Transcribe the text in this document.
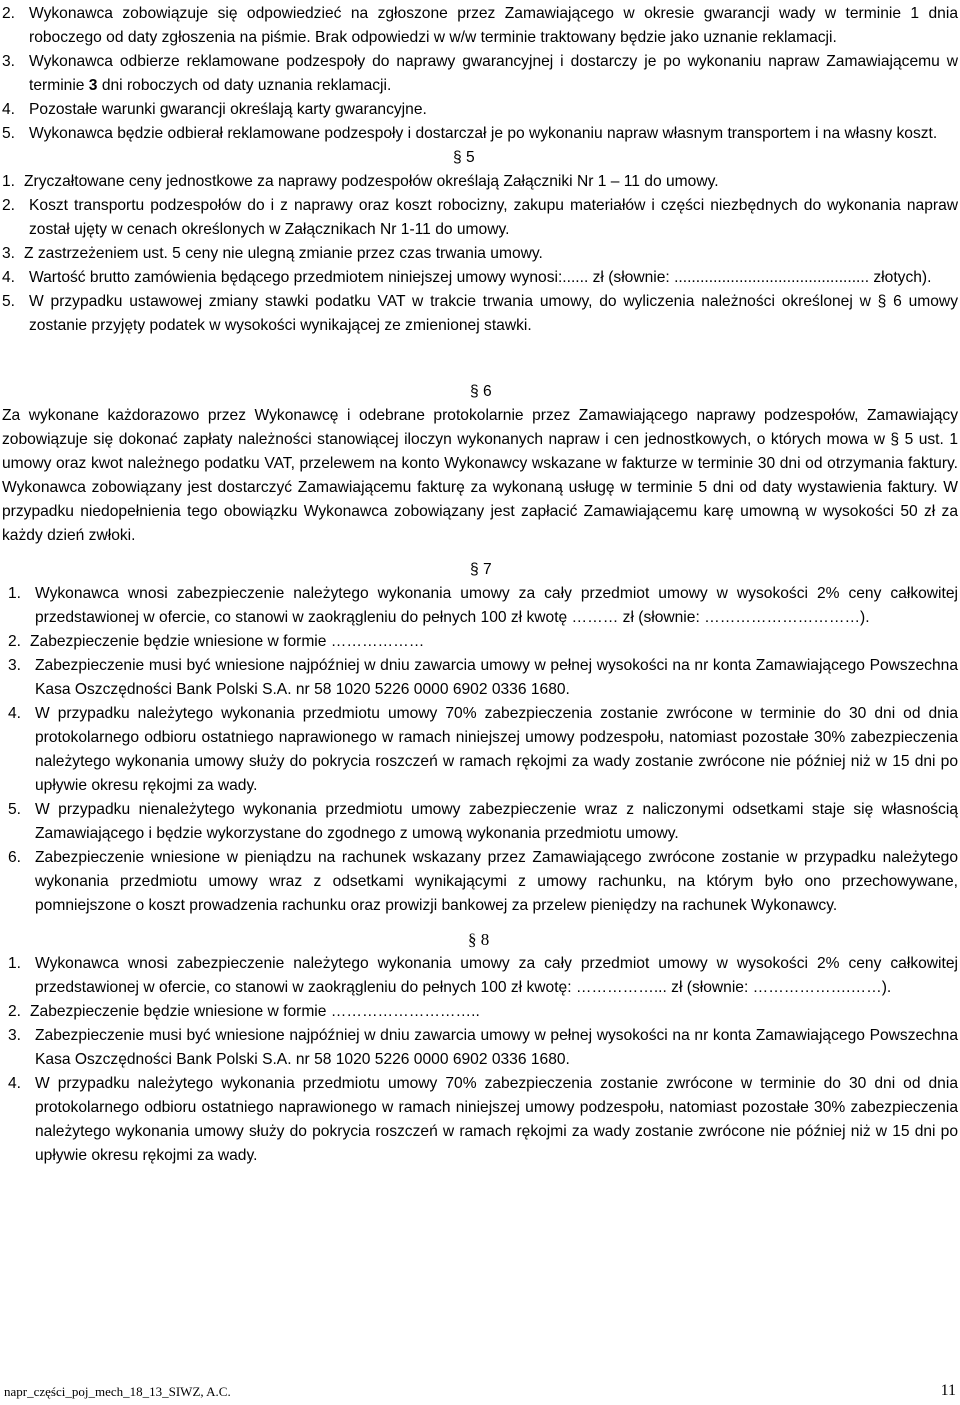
2. Wykonawca zobowiązuje się odpowiedzieć na zgłoszone przez Zamawiającego w okresie gwarancji wady w terminie 1 dnia roboczego od daty zgłoszenia na piśmie. Brak odpowiedzi w w/w terminie traktowany będzie jako uznanie reklamacji.

3. Wykonawca odbierze reklamowane podzespoły do naprawy gwarancyjnej i dostarczy je po wykonaniu napraw Zamawiającemu w terminie 3 dni roboczych od daty uznania reklamacji.

4. Pozostałe warunki gwarancji określają karty gwarancyjne.

5. Wykonawca będzie odbierał reklamowane podzespoły i dostarczał je po wykonaniu napraw własnym transportem i na własny koszt.

§ 5

1. Zryczałtowane ceny jednostkowe za naprawy podzespołów określają Załączniki Nr 1 – 11 do umowy.

2. Koszt transportu podzespołów do i z naprawy oraz koszt robocizny, zakupu materiałów i części niezbędnych do wykonania napraw został ujęty w cenach określonych w Załącznikach Nr 1-11 do umowy.

3. Z zastrzeżeniem ust. 5 ceny nie ulegną zmianie przez czas trwania umowy.

4. Wartość brutto zamówienia będącego przedmiotem niniejszej umowy wynosi:...... zł (słownie: ............................................. złotych).

5. W przypadku ustawowej zmiany stawki podatku VAT w trakcie trwania umowy, do wyliczenia należności określonej w § 6 umowy zostanie przyjęty podatek w wysokości wynikającej ze zmienionej stawki.

§ 6

Za wykonane każdorazowo przez Wykonawcę i odebrane protokolarnie przez Zamawiającego naprawy podzespołów, Zamawiający zobowiązuje się dokonać zapłaty należności stanowiącej iloczyn wykonanych napraw i cen jednostkowych, o których mowa w § 5 ust. 1 umowy oraz kwot należnego podatku VAT, przelewem na konto Wykonawcy wskazane w fakturze w terminie 30 dni od otrzymania faktury. Wykonawca zobowiązany jest dostarczyć Zamawiającemu fakturę za wykonaną usługę w terminie 5 dni od daty wystawienia faktury. W przypadku niedopełnienia tego obowiązku Wykonawca zobowiązany jest zapłacić Zamawiającemu karę umowną w wysokości 50 zł za każdy dzień zwłoki.

§ 7

1. Wykonawca wnosi zabezpieczenie należytego wykonania umowy za cały przedmiot umowy w wysokości 2% ceny całkowitej przedstawionej w ofercie, co stanowi w zaokrągleniu do pełnych 100 zł kwotę ……… zł (słownie: …………………………).

2. Zabezpieczenie będzie wniesione w formie ………………

3. Zabezpieczenie musi być wniesione najpóźniej w dniu zawarcia umowy w pełnej wysokości na nr konta Zamawiającego Powszechna Kasa Oszczędności Bank Polski S.A. nr 58 1020 5226 0000 6902 0336 1680.

4. W przypadku należytego wykonania przedmiotu umowy 70% zabezpieczenia zostanie zwrócone w terminie do 30 dni od dnia protokolarnego odbioru ostatniego naprawionego w ramach niniejszej umowy podzespołu, natomiast pozostałe 30% zabezpieczenia należytego wykonania umowy służy do pokrycia roszczeń w ramach rękojmi za wady zostanie zwrócone nie później niż w 15 dni po upływie okresu rękojmi za wady.

5. W przypadku nienależytego wykonania przedmiotu umowy zabezpieczenie wraz z naliczonymi odsetkami staje się własnością Zamawiającego i będzie wykorzystane do zgodnego z umową wykonania przedmiotu umowy.

6. Zabezpieczenie wniesione w pieniądzu na rachunek wskazany przez Zamawiającego zwrócone zostanie w przypadku należytego wykonania przedmiotu umowy wraz z odsetkami wynikającymi z umowy rachunku, na którym było ono przechowywane, pomniejszone o koszt prowadzenia rachunku oraz prowizji bankowej za przelew pieniędzy na rachunek Wykonawcy.

§ 8

1. Wykonawca wnosi zabezpieczenie należytego wykonania umowy za cały przedmiot umowy w wysokości 2% ceny całkowitej przedstawionej w ofercie, co stanowi w zaokrągleniu do pełnych 100 zł kwotę: ……………... zł (słownie: ……………….……).

2. Zabezpieczenie będzie wniesione w formie ………………………..

3. Zabezpieczenie musi być wniesione najpóźniej w dniu zawarcia umowy w pełnej wysokości na nr konta Zamawiającego Powszechna Kasa Oszczędności Bank Polski S.A. nr 58 1020 5226 0000 6902 0336 1680.

4. W przypadku należytego wykonania przedmiotu umowy 70% zabezpieczenia zostanie zwrócone w terminie do 30 dni od dnia protokolarnego odbioru ostatniego naprawionego w ramach niniejszej umowy podzespołu, natomiast pozostałe 30% zabezpieczenia należytego wykonania umowy służy do pokrycia roszczeń w ramach rękojmi za wady zostanie zwrócone nie później niż w 15 dni po upływie okresu rękojmi za wady.

napr_części_poj_mech_18_13_SIWZ, A.C.	11
